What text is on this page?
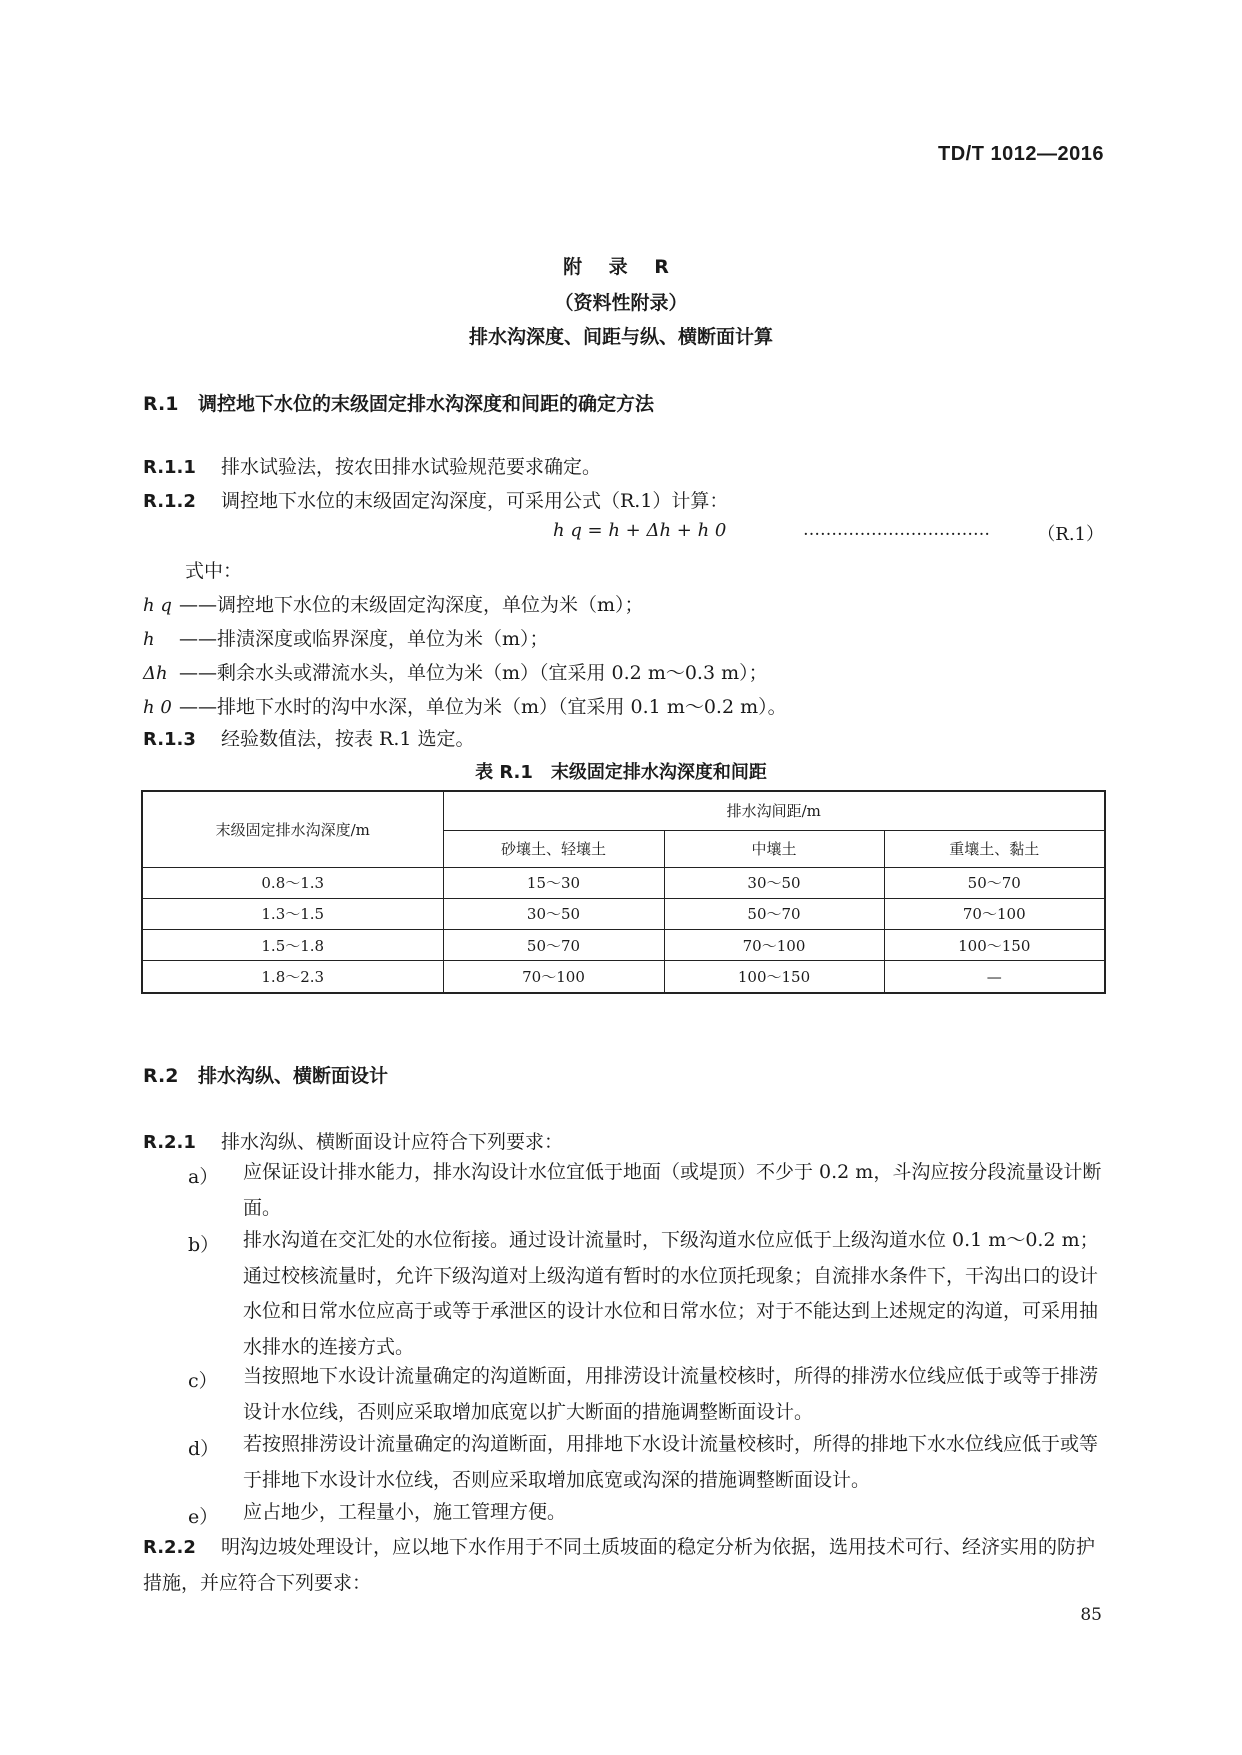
TD/T 1012—2016
附 录 R
（资料性附录）
排水沟深度、间距与纵、横断面计算
R.1 调控地下水位的末级固定排水沟深度和间距的确定方法
R.1.1 排水试验法，按农田排水试验规范要求确定。
R.1.2 调控地下水位的末级固定沟深度，可采用公式（R.1）计算：
h q = h + Δh + h 0	……………………………	（R.1）
式中：
h q ——调控地下水位的末级固定沟深度，单位为米（m）；
h ——排渍深度或临界深度，单位为米（m）；
Δh ——剩余水头或滞流水头，单位为米（m）（宜采用 0.2 m～0.3 m）；
h 0 ——排地下水时的沟中水深，单位为米（m）（宜采用 0.1 m～0.2 m）。
R.1.3 经验数值法，按表 R.1 选定。
表 R.1　末级固定排水沟深度和间距
末级固定排水沟深度/m	排水沟间距/m		
	砂壤土、轻壤土	中壤土	重壤土、黏土
0.8～1.3	15～30	30～50	50～70
1.3～1.5	30～50	50～70	70～100
1.5～1.8	50～70	70～100	100～150
1.8～2.3	70～100	100～150	—
R.2 排水沟纵、横断面设计
R.2.1 排水沟纵、横断面设计应符合下列要求：
a） 应保证设计排水能力，排水沟设计水位宜低于地面（或堤顶）不少于 0.2 m，斗沟应按分段流量设计断面。
b） 排水沟道在交汇处的水位衔接。通过设计流量时，下级沟道水位应低于上级沟道水位 0.1 m～0.2 m；通过校核流量时，允许下级沟道对上级沟道有暂时的水位顶托现象；自流排水条件下，干沟出口的设计水位和日常水位应高于或等于承泄区的设计水位和日常水位；对于不能达到上述规定的沟道，可采用抽水排水的连接方式。
c） 当按照地下水设计流量确定的沟道断面，用排涝设计流量校核时，所得的排涝水位线应低于或等于排涝设计水位线，否则应采取增加底宽以扩大断面的措施调整断面设计。
d） 若按照排涝设计流量确定的沟道断面，用排地下水设计流量校核时，所得的排地下水水位线应低于或等于排地下水设计水位线，否则应采取增加底宽或沟深的措施调整断面设计。
e） 应占地少，工程量小，施工管理方便。
R.2.2 明沟边坡处理设计，应以地下水作用于不同土质坡面的稳定分析为依据，选用技术可行、经济实用的防护措施，并应符合下列要求：
85
